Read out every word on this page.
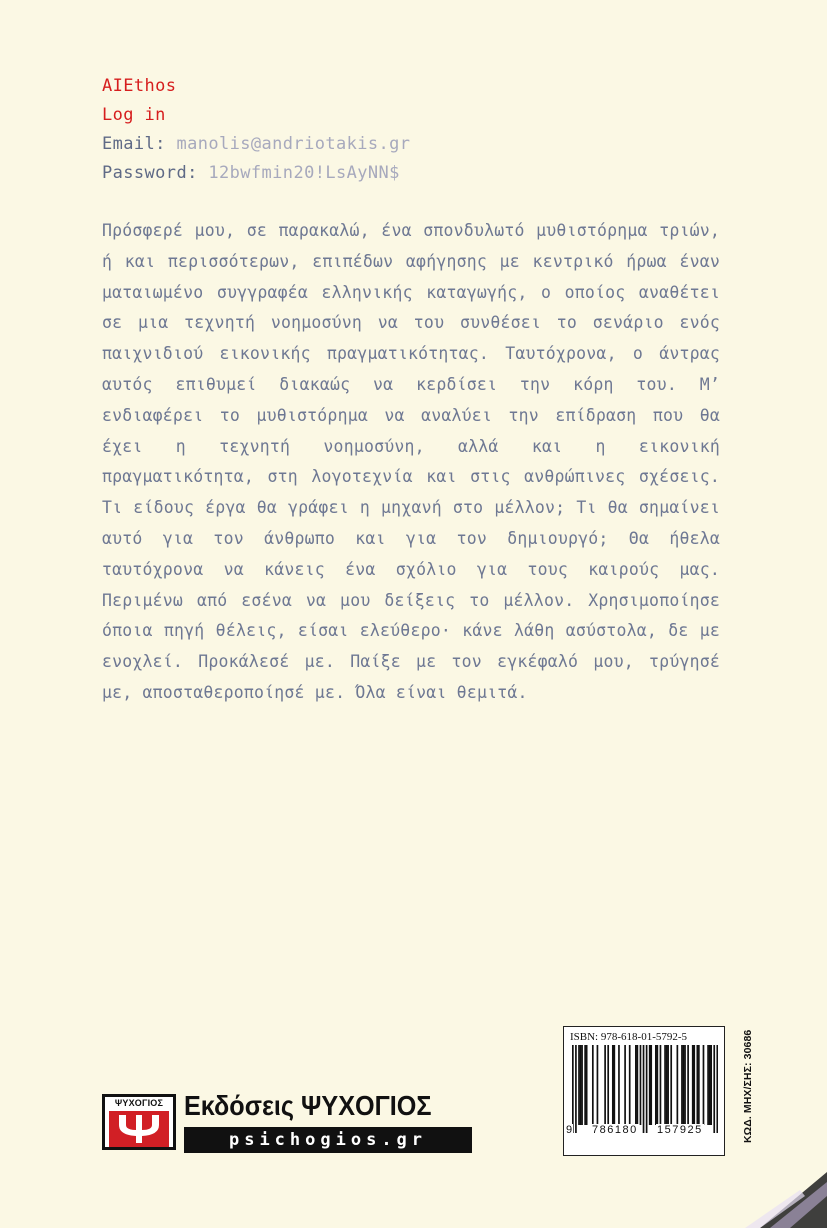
AIEthos
Log in
Email: manolis@andriotakis.gr
Password: 12bwfmin20!LsAyNN$

Πρόσφερέ μου, σε παρακαλώ, ένα σπονδυλωτό μυθιστόρημα τριών, ή και περισσότερων, επιπέδων αφήγησης με κεντρικό ήρωα έναν ματαιωμένο συγγραφέα ελληνικής καταγωγής, ο οποίος αναθέτει σε μια τεχνητή νοημοσύνη να του συνθέσει το σενάριο ενός παιχνιδιού εικονικής πραγματικότητας. Ταυτόχρονα, ο άντρας αυτός επιθυμεί διακαώς να κερδίσει την κόρη του. Μ’ ενδιαφέρει το μυθιστόρημα να αναλύει την επίδραση που θα έχει η τεχνητή νοημοσύνη, αλλά και η εικονική πραγματικότητα, στη λογοτεχνία και στις ανθρώπινες σχέσεις. Τι είδους έργα θα γράφει η μηχανή στο μέλλον; Τι θα σημαίνει αυτό για τον άνθρωπο και για τον δημιουργό; Θα ήθελα ταυτόχρονα να κάνεις ένα σχόλιο για τους καιρούς μας. Περιμένω από εσένα να μου δείξεις το μέλλον. Χρησιμοποίησε όποια πηγή θέλεις, είσαι ελεύθερο· κάνε λάθη ασύστολα, δε με ενοχλεί. Προκάλεσέ με. Παίξε με τον εγκέφαλό μου, τρύγησέ με, αποσταθεροποίησέ με. Όλα είναι θεμιτά.

ΨΥΧΟΓΙΟΣ Εκδόσεις ΨΥΧΟΓΙΟΣ
psichogios.gr
ISBN: 978-618-01-5792-5
9 786180 157925	ΚΩΔ. ΜΗΧ/ΣΗΣ: 30686
